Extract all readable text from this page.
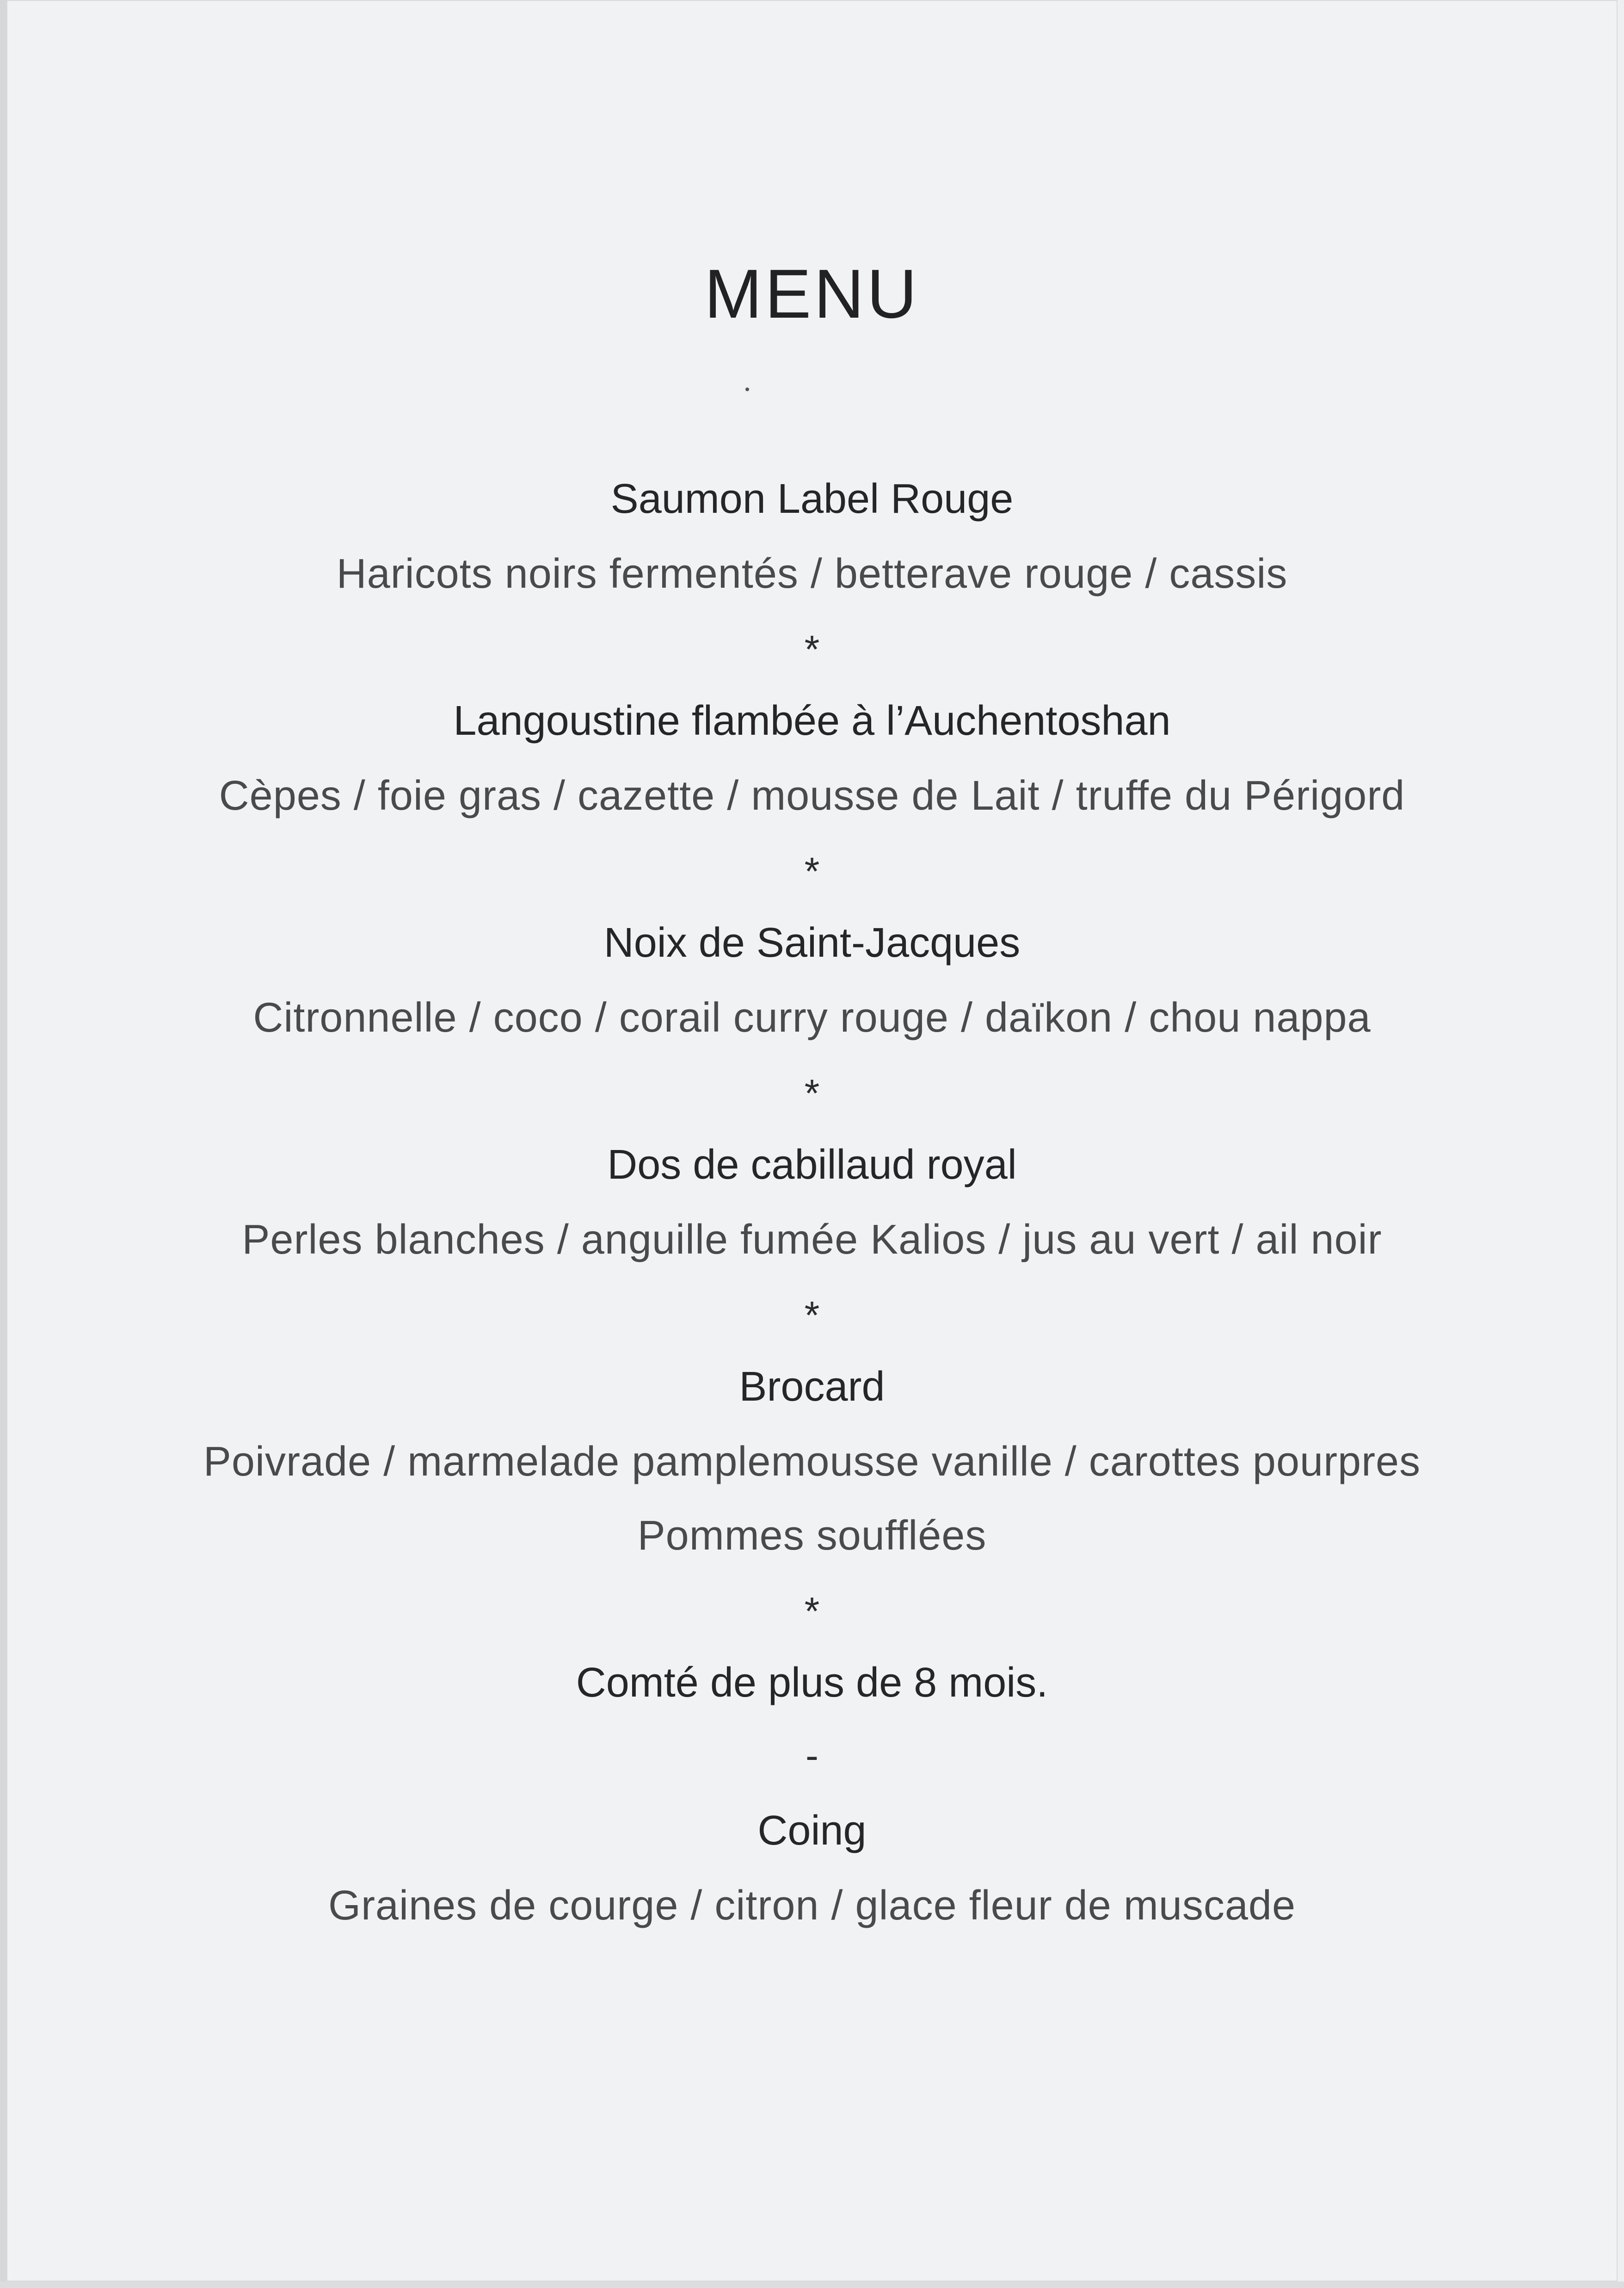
MENU
Saumon Label Rouge
Haricots noirs fermentés / betterave rouge / cassis
*
Langoustine flambée à l’Auchentoshan
Cèpes / foie gras / cazette / mousse de Lait / truffe du Périgord
*
Noix de Saint-Jacques
Citronnelle / coco / corail curry rouge / daïkon / chou nappa
*
Dos de cabillaud royal
Perles blanches / anguille fumée Kalios / jus au vert / ail noir
*
Brocard
Poivrade / marmelade pamplemousse vanille / carottes pourpres
Pommes soufflées
*
Comté de plus de 8 mois.
-
Coing
Graines de courge / citron / glace fleur de muscade
